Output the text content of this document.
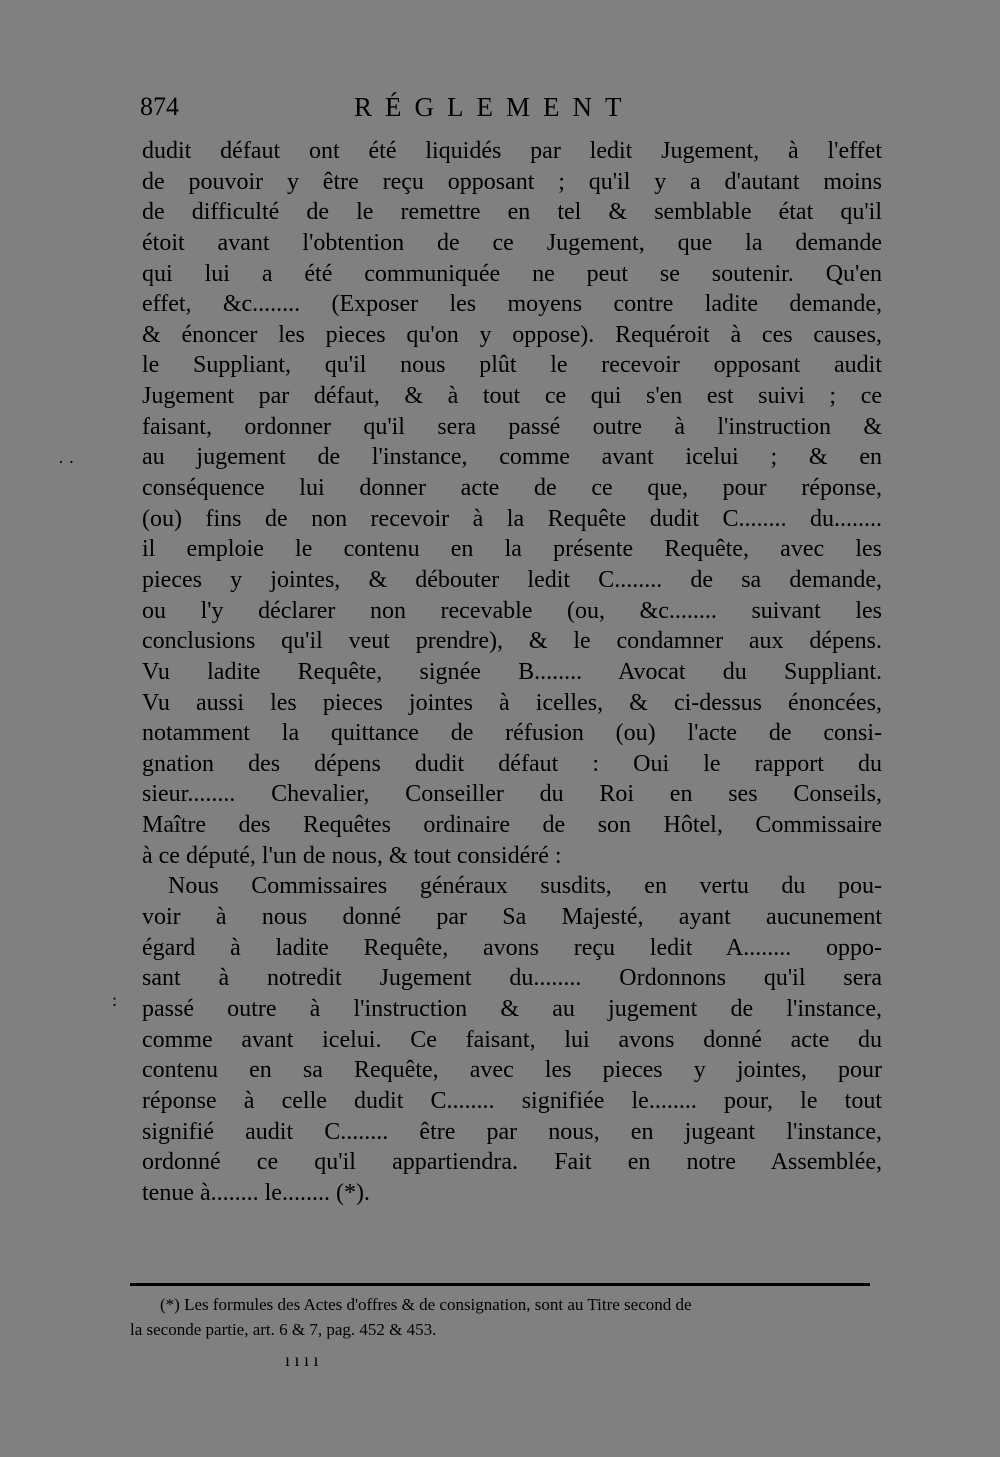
874	RÉGLEMENT
dudit défaut ont été liquidés par ledit Jugement, à l'effet
de pouvoir y être reçu opposant ; qu'il y a d'autant moins
de difficulté de le remettre en tel & semblable état qu'il
étoit avant l'obtention de ce Jugement, que la demande
qui lui a été communiquée ne peut se soutenir. Qu'en
effet, &c........ (Exposer les moyens contre ladite demande,
& énoncer les pieces qu'on y oppose). Requéroit à ces causes,
le Suppliant, qu'il nous plût le recevoir opposant audit
Jugement par défaut, & à tout ce qui s'en est suivi ; ce
faisant, ordonner qu'il sera passé outre à l'instruction &
au jugement de l'instance, comme avant icelui ; & en
conséquence lui donner acte de ce que, pour réponse,
(ou) fins de non recevoir à la Requête dudit C........ du........
il emploie le contenu en la présente Requête, avec les
pieces y jointes, & débouter ledit C........ de sa demande,
ou l'y déclarer non recevable (ou, &c........ suivant les
conclusions qu'il veut prendre), & le condamner aux dépens.
Vu ladite Requête, signée B........ Avocat du Suppliant.
Vu aussi les pieces jointes à icelles, & ci-dessus énoncées,
notamment la quittance de réfusion (ou) l'acte de consi-
gnation des dépens dudit défaut : Oui le rapport du
sieur........ Chevalier, Conseiller du Roi en ses Conseils,
Maître des Requêtes ordinaire de son Hôtel, Commissaire
à ce député, l'un de nous, & tout considéré :
Nous Commissaires généraux susdits, en vertu du pou-
voir à nous donné par Sa Majesté, ayant aucunement
égard à ladite Requête, avons reçu ledit A........ oppo-
sant à notredit Jugement du........ Ordonnons qu'il sera
passé outre à l'instruction & au jugement de l'instance,
comme avant icelui. Ce faisant, lui avons donné acte du
contenu en sa Requête, avec les pieces y jointes, pour
réponse à celle dudit C........ signifiée le........ pour, le tout
signifié audit C........ être par nous, en jugeant l'instance,
ordonné ce qu'il appartiendra. Fait en notre Assemblée,
tenue à........ le........ (*).
(*) Les formules des Actes d'offres & de consignation, sont au Titre second de
la seconde partie, art. 6 & 7, pag. 452 & 453.
· ·
:
ı ı ı ı
